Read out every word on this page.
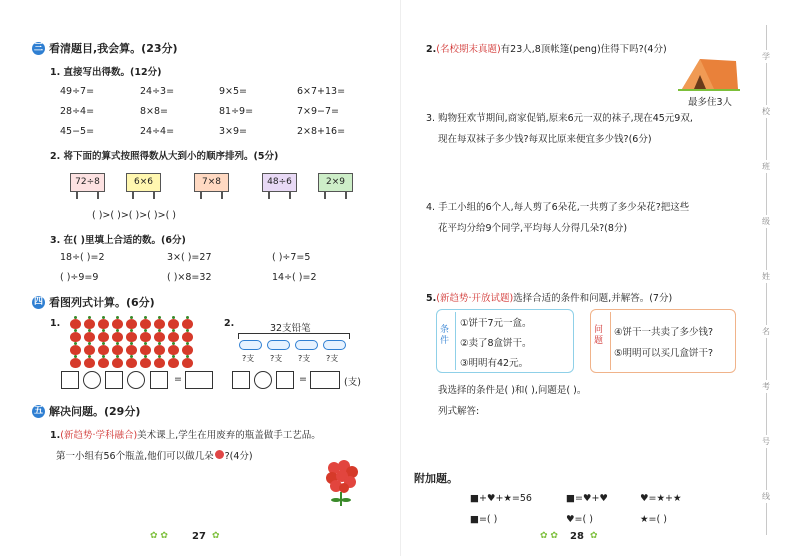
三 看清题目,我会算。(23分)
1. 直接写出得数。(12分)
49÷7=	24÷3=	9×5=	6×7+13=
28÷4=	8×8=	81÷9=	7×9−7=
45−5=	24÷4=	3×9=	2×8+16=
2. 将下面的算式按照得数从大到小的顺序排列。(5分)
72÷8	6×6	7×8	48÷6	2×9
( )>( )>( )>( )>( )
3. 在( )里填上合适的数。(6分)
18÷( )=2	3×( )=27	( )÷7=5
( )÷9=9	( )×8=32	14÷( )=2
四 看图列式计算。(6分)
1.	2.	32支铅笔
?支 ?支 ?支 ?支
=	=	(支)
五 解决问题。(29分)
1.(新趋势·学科融合)美术课上,学生在用废弃的瓶盖做手工艺品。
第一小组有56个瓶盖,他们可以做几朵 ?(4分)
✿ ✿ 27 ✿
2.(名校期末真题)有23人,8顶帐篷(peng)住得下吗?(4分)
最多住3人
3. 购物狂欢节期间,商家促销,原来6元一双的袜子,现在45元9双,
现在每双袜子多少钱?每双比原来便宜多少钱?(6分)
4. 手工小组的6个人,每人剪了6朵花,一共剪了多少朵花?把这些
花平均分给9个同学,平均每人分得几朵?(8分)
5.(新趋势·开放试题)选择合适的条件和问题,并解答。(7分)
条件
①饼干7元一盒。
②卖了8盒饼干。
③明明有42元。
问题
④饼干一共卖了多少钱?
⑤明明可以买几盒饼干?
我选择的条件是( )和( ),问题是( )。
列式解答:
附加题。
■+♥+★=56	■=♥+♥	♥=★+★
■=( )	♥=( )	★=( )
✿ ✿ 28 ✿
学
校
班
级
姓
名
考
号
线
